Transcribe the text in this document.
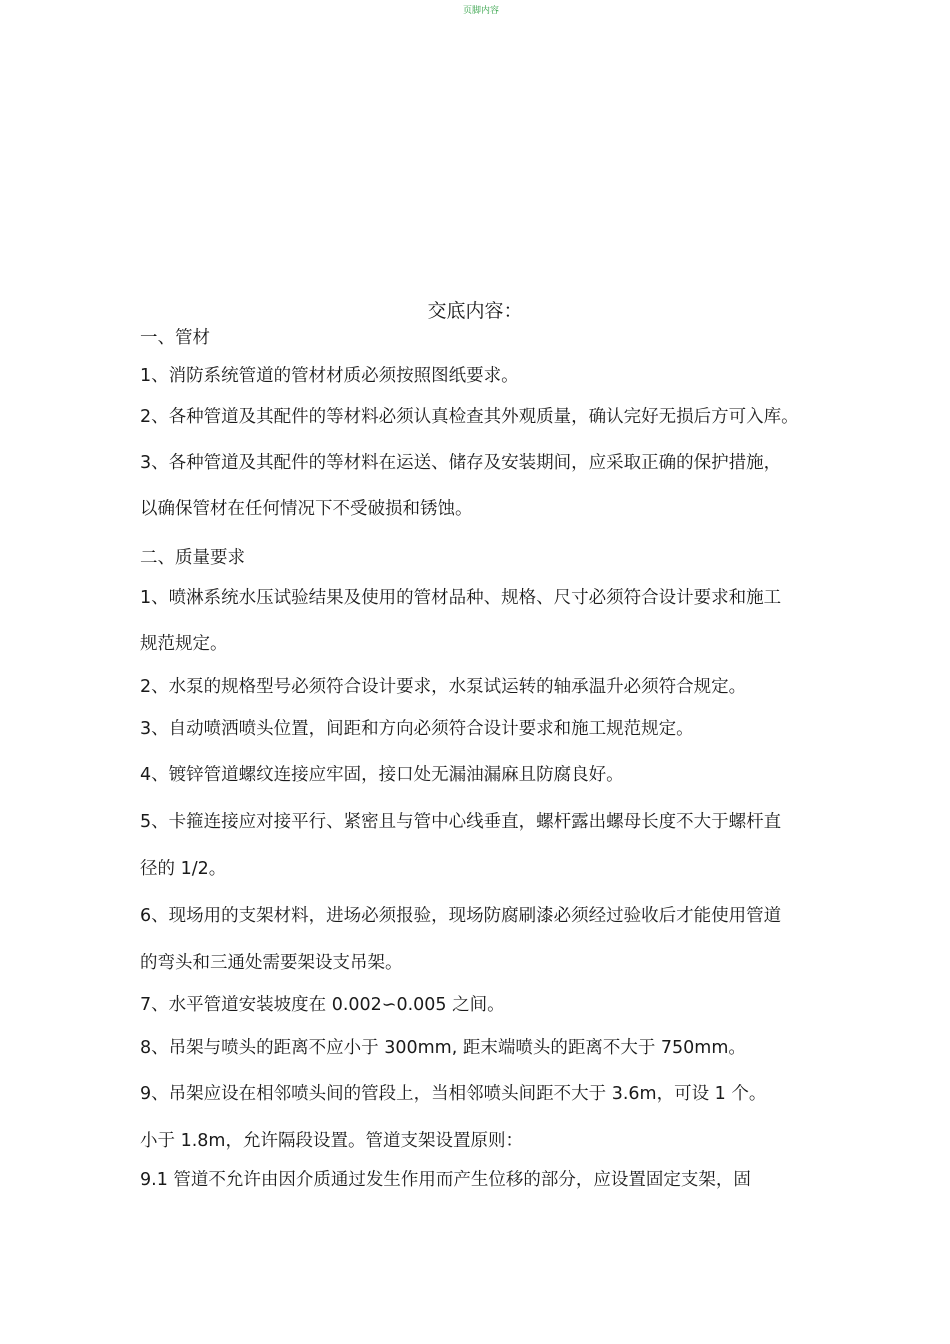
页脚内容
交底内容：
一、管材
1、消防系统管道的管材材质必须按照图纸要求。
2、各种管道及其配件的等材料必须认真检查其外观质量，确认完好无损后方可入库。
3、各种管道及其配件的等材料在运送、储存及安装期间，应采取正确的保护措施，
以确保管材在任何情况下不受破损和锈蚀。
二、质量要求
1、喷淋系统水压试验结果及使用的管材品种、规格、尺寸必须符合设计要求和施工
规范规定。
2、水泵的规格型号必须符合设计要求，水泵试运转的轴承温升必须符合规定。
3、自动喷洒喷头位置，间距和方向必须符合设计要求和施工规范规定。
4、镀锌管道螺纹连接应牢固，接口处无漏油漏麻且防腐良好。
5、卡箍连接应对接平行、紧密且与管中心线垂直，螺杆露出螺母长度不大于螺杆直
径的 1/2。
6、现场用的支架材料，进场必须报验，现场防腐刷漆必须经过验收后才能使用管道
的弯头和三通处需要架设支吊架。
7、水平管道安装坡度在 0.002∽0.005 之间。
8、吊架与喷头的距离不应小于 300mm, 距末端喷头的距离不大于 750mm。
9、吊架应设在相邻喷头间的管段上，当相邻喷头间距不大于 3.6m，可设 1 个。
小于 1.8m，允许隔段设置。管道支架设置原则：
9.1 管道不允许由因介质通过发生作用而产生位移的部分，应设置固定支架，固
